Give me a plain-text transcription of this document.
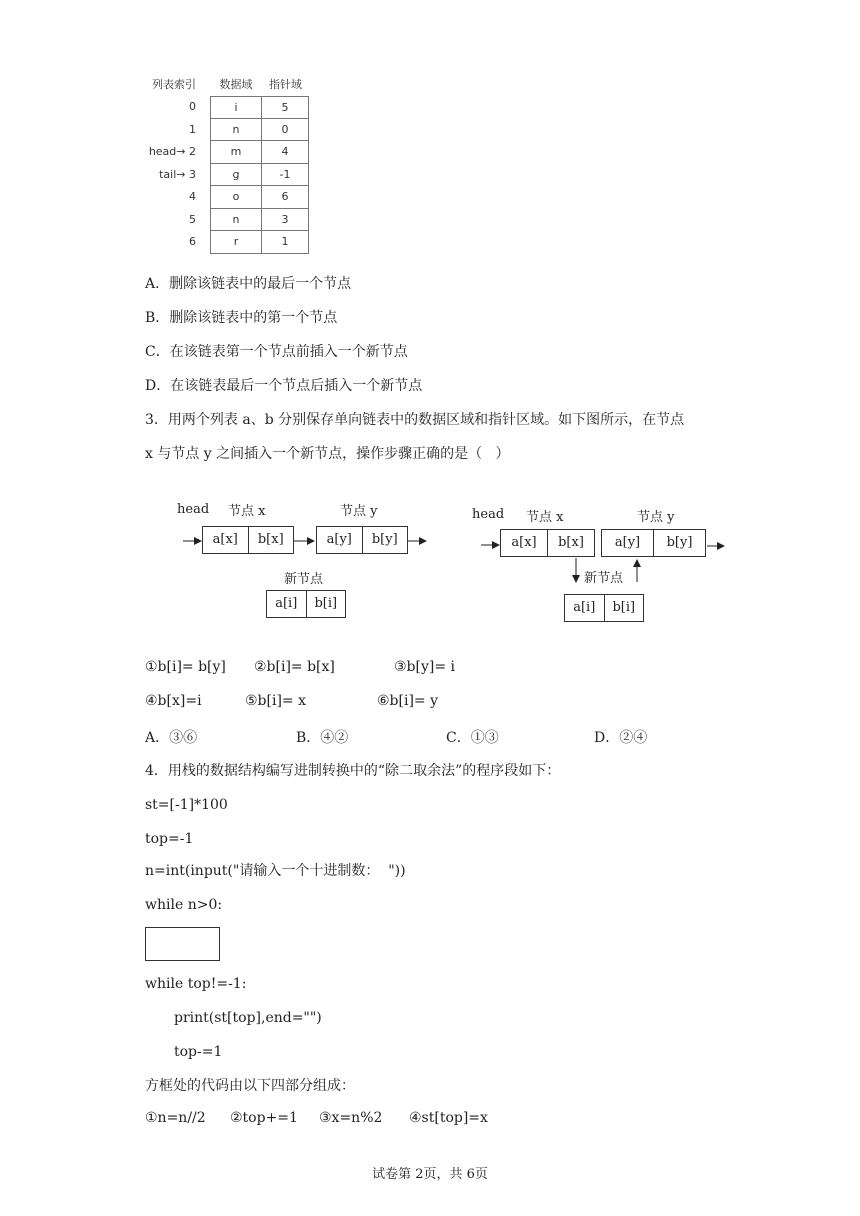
列表索引	数据域	指针域
0	i	5
1	n	0
head→ 2	m	4
tail→ 3	g	-1
4	o	6
5	n	3
6	r	1
A．删除该链表中的最后一个节点
B．删除该链表中的第一个节点
C．在该链表第一个节点前插入一个新节点
D．在该链表最后一个节点后插入一个新节点
3．用两个列表 a、b 分别保存单向链表中的数据区域和指针区域。如下图所示，在节点
x 与节点 y 之间插入一个新节点，操作步骤正确的是（   ）
head 节点 x	节点 y
a[x]	b[x]	a[y]	b[y]
新节点
a[i]	b[i]
head 节点 x	节点 y
a[x]	b[x]	a[y]	b[y]
新节点
a[i]	b[i]
①b[i]= b[y] ②b[i]= b[x]	③b[y]= i
④b[x]=i	⑤b[i]= x	⑥b[i]= y
A．③⑥	B．④②	C．①③	D．②④
4．用栈的数据结构编写进制转换中的“除二取余法”的程序段如下：
st=[-1]*100
top=-1
n=int(input("请输入一个十进制数：  "))
while n>0:
while top!=-1:
print(st[top],end="")
top-=1
方框处的代码由以下四部分组成：
①n=n//2 ②top+=1 ③x=n%2 ④st[top]=x
试卷第 2页，共 6页
